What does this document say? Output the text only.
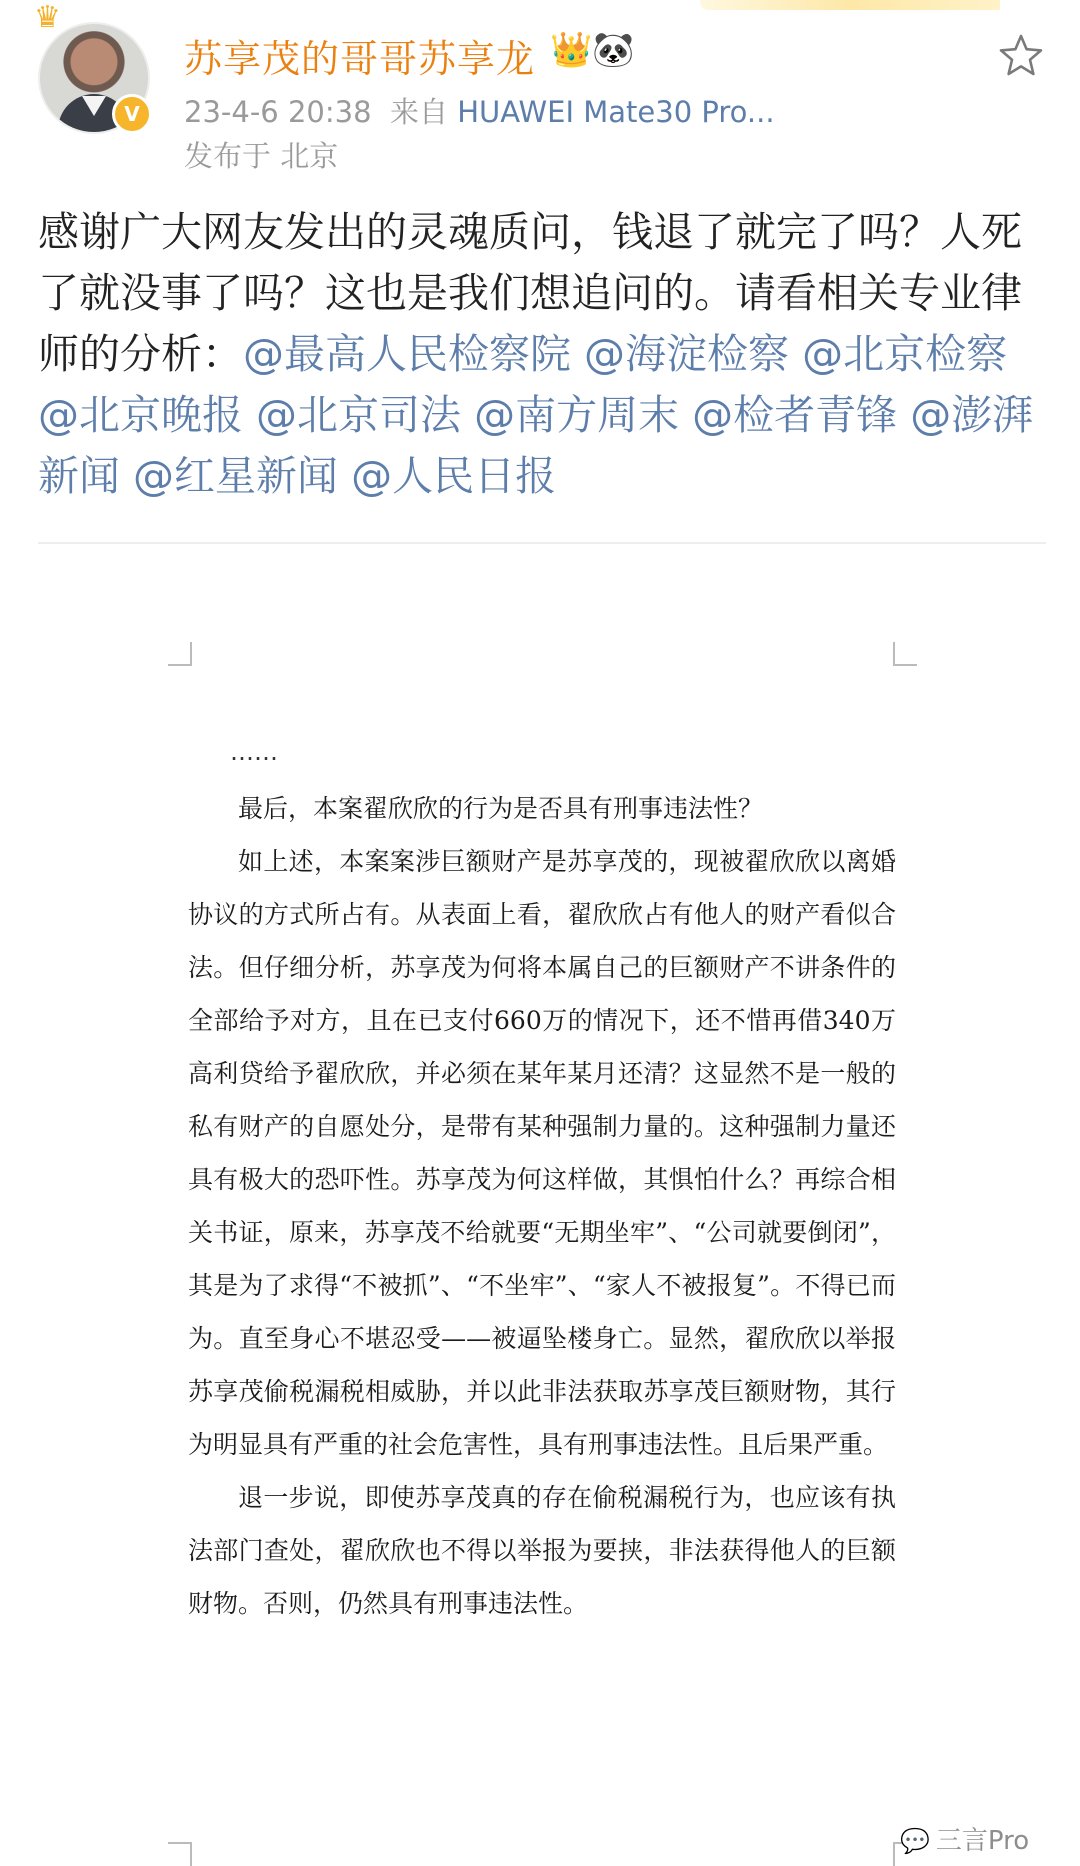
♛
V
苏享茂的哥哥苏享龙 👑🐼
23-4-6 20:38 来自 HUAWEI Mate30 Pro...
发布于 北京
感谢广大网友发出的灵魂质问，钱退了就完了吗？人死了就没事了吗？这也是我们想追问的。请看相关专业律师的分析：@最高人民检察院 @海淀检察 @北京检察 @北京晚报 @北京司法 @南方周末 @检者青锋 @澎湃新闻 @红星新闻 @人民日报
……

最后，本案翟欣欣的行为是否具有刑事违法性？

如上述，本案案涉巨额财产是苏享茂的，现被翟欣欣以离婚协议的方式所占有。从表面上看，翟欣欣占有他人的财产看似合法。但仔细分析，苏享茂为何将本属自己的巨额财产不讲条件的全部给予对方，且在已支付660万的情况下，还不惜再借340万高利贷给予翟欣欣，并必须在某年某月还清？这显然不是一般的私有财产的自愿处分，是带有某种强制力量的。这种强制力量还具有极大的恐吓性。苏享茂为何这样做，其惧怕什么？再综合相关书证，原来，苏享茂不给就要“无期坐牢”、“公司就要倒闭”，其是为了求得“不被抓”、“不坐牢”、“家人不被报复”。不得已而为。直至身心不堪忍受——被逼坠楼身亡。显然，翟欣欣以举报苏享茂偷税漏税相威胁，并以此非法获取苏享茂巨额财物，其行为明显具有严重的社会危害性，具有刑事违法性。且后果严重。

退一步说，即使苏享茂真的存在偷税漏税行为，也应该有执法部门查处，翟欣欣也不得以举报为要挟，非法获得他人的巨额财物。否则，仍然具有刑事违法性。

💬 三言Pro
